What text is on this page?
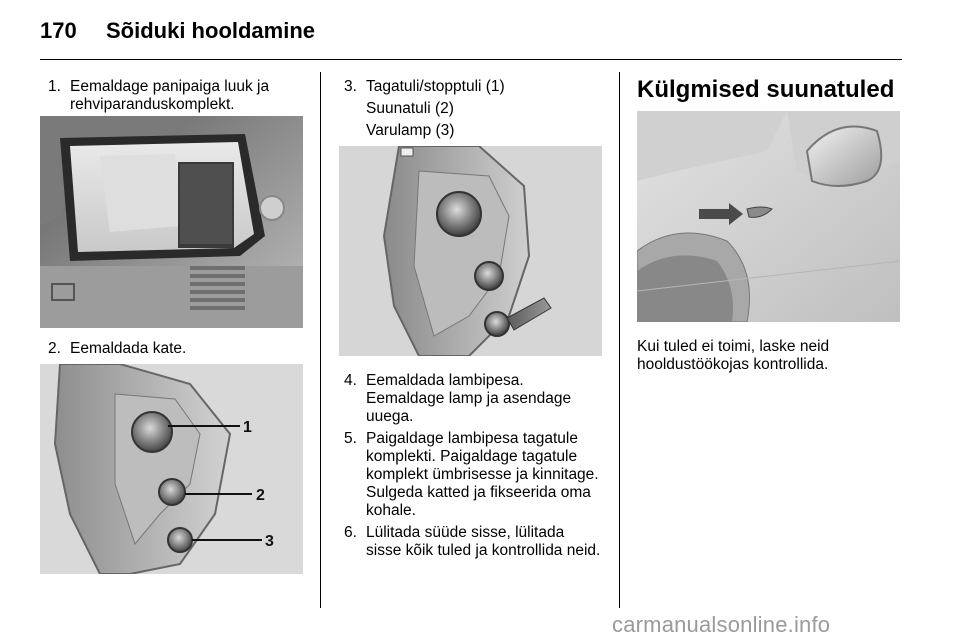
170 Sõiduki hooldamine
1. Eemaldage panipaiga luuk ja
rehviparanduskomplekt.
2. Eemaldada kate.
1
2
3
3. Tagatuli/stopptuli (1)
Suunatuli (2)
Varulamp (3)
4. Eemaldada lambipesa.
Eemaldage lamp ja asendage
uuega.
5. Paigaldage lambipesa tagatule
komplekti. Paigaldage tagatule
komplekt ümbrisesse ja kinnitage.
Sulgeda katted ja fikseerida oma
kohale.
6. Lülitada süüde sisse, lülitada
sisse kõik tuled ja kontrollida neid.
Külgmised suunatuled
Kui tuled ei toimi, laske neid
hooldustöökojas kontrollida.
carmanualsonline.info
